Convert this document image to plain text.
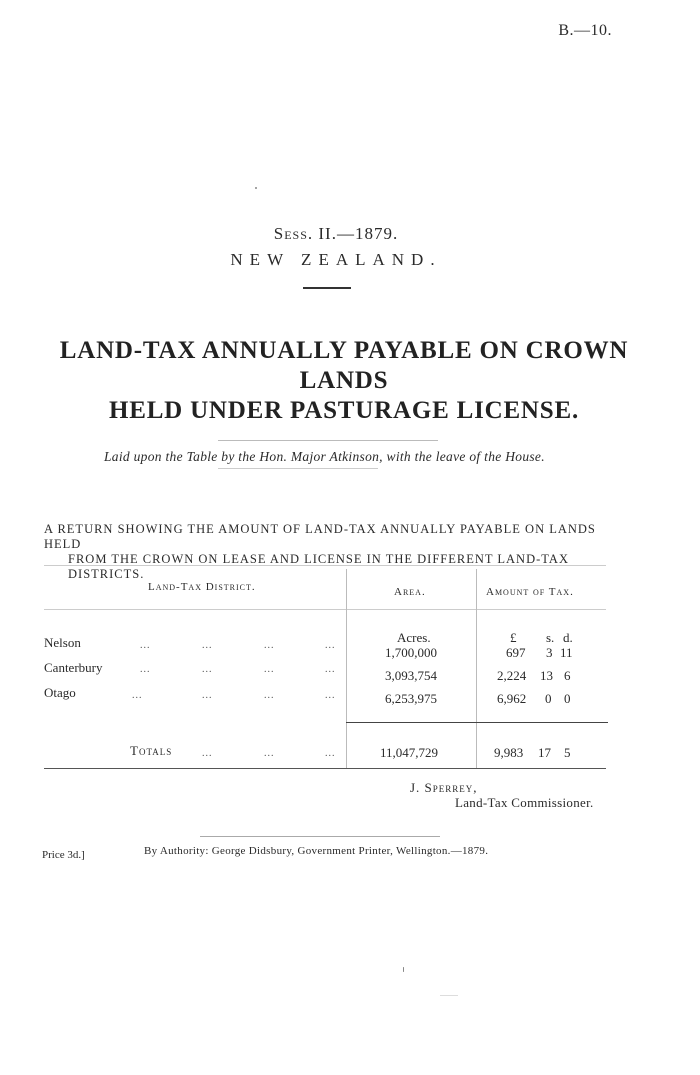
B.—10.
Sess. II.—1879.
NEW ZEALAND.
LAND-TAX ANNUALLY PAYABLE ON CROWN LANDS
HELD UNDER PASTURAGE LICENSE.
Laid upon the Table by the Hon. Major Atkinson, with the leave of the House.
A RETURN SHOWING THE AMOUNT OF LAND-TAX ANNUALLY PAYABLE ON LANDS HELD
FROM THE CROWN ON LEASE AND LICENSE IN THE DIFFERENT LAND-TAX DISTRICTS.
Land-Tax District.	Area.	Amount of Tax.
Acres.	£ s. d.
Nelson	...	...	...	...	1,700,000	697 3 11
Canterbury	...	...	...	...	3,093,754	2,224 13 6
Otago	...	...	...	...	6,253,975	6,962 0 0
Totals	...	...	...	11,047,729	9,983 17 5
J. Sperrey,
Land-Tax Commissioner.
Price 3d.]	By Authority: George Didsbury, Government Printer, Wellington.—1879.
